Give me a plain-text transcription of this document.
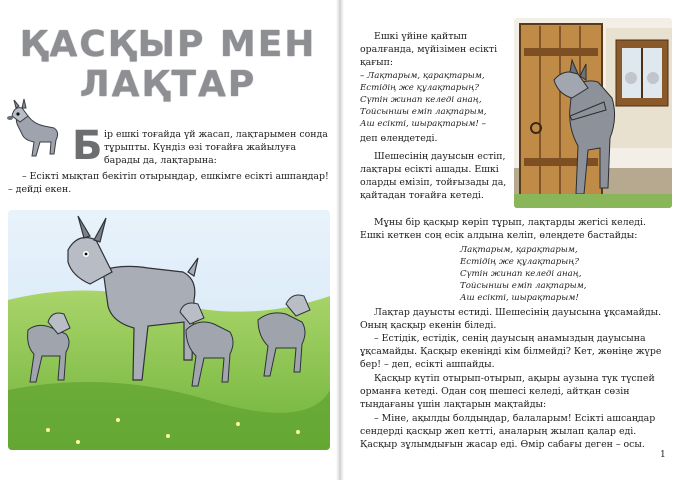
ҚАСҚЫР МЕН
ЛАҚТАР
Б ір ешкі тоғайда үй жасап, лақтарымен сонда тұрыпты. Күндіз өзі тоғайға жайылуға барады да, лақтарына:

– Есікті мықтап бекітіп отырыңдар, ешкімге есікті ашпаңдар! – дейді екен.

Ешкі үйіне қайтып оралғанда, мүйізімен есікті қағып:

– Лақтарым, қарақтарым,
Естідің же құлақтарың?
Сүтін жинап келеді анаң,
Тойсыншы еміп лақтарым,
Аш есікті, шырақтарым! –

деп өлеңдетеді.

Шешесінің дауысын естіп, лақтары есікті ашады. Ешкі оларды емізіп, тойғызады да, қайтадан тоғайға кетеді.

Мұны бір қасқыр көріп тұрып, лақтарды жегісі келеді. Ешкі кеткен соң есік алдына келіп, өлеңдете бастайды:

Лақтарым, қарақтарым,
Естідің же құлақтарың?
Сүтін жинап келеді анаң,
Тойсыншы еміп лақтарым,
Аш есікті, шырақтарым!

Лақтар дауысты естиді. Шешесінің дауысына ұқсамайды. Оның қасқыр екенін біледі.

– Естідік, естідік, сенің дауысың анамыздың дауысына ұқсамайды. Қасқыр екеніңді кім білмейді? Кет, жөніңе жүре бер! – деп, есікті ашпайды.

Қасқыр күтіп отырып-отырып, ақыры аузына түк түспей орманға кетеді. Одан соң шешесі келеді, айтқан сөзін тыңдағаны үшін лақтарын мақтайды:

– Міне, ақылды болдыңдар, балаларым! Есікті ашсаңдар сендерді қасқыр жеп кетті, аналарың жылап қалар еді. Қасқыр зұлымдығын жасар еді. Өмір сабағы деген – осы.

1
